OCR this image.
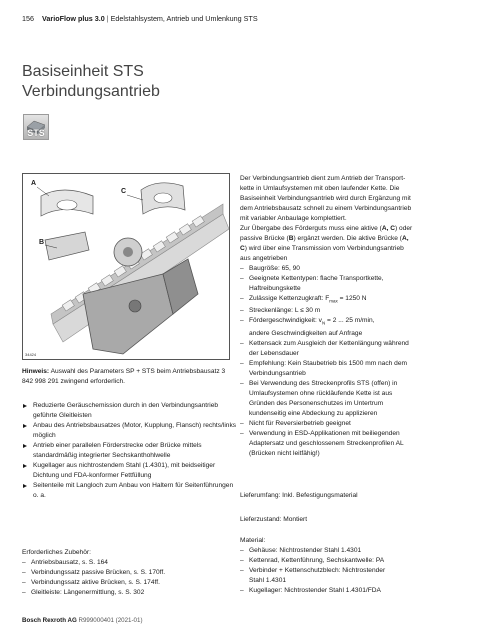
156 VarioFlow plus 3.0 | Edelstahlsystem, Antrieb und Umlenkung STS
Basiseinheit STS
Verbindungsantrieb
STS
A
B
C
34424

Hinweis: Auswahl des Parameters SP + STS beim Antriebsbausatz 3 842 998 291 zwingend erforderlich.

Reduzierte Geräuschemission durch in den Verbindungsantrieb geführte Gleitleisten
Anbau des Antriebsbausatzes (Motor, Kupplung, Flansch) rechts/links möglich
Antrieb einer parallelen Förderstrecke oder Brücke mittels standardmäßig integrierter Sechskanthohlwelle
Kugellager aus nichtrostendem Stahl (1.4301), mit beidseitiger Dichtung und FDA-konformer Fettfüllung
Seitenteile mit Langloch zum Anbau von Haltern für Seitenführungen o. a.

Erforderliches Zubehör:

– Antriebsbausatz, s. S. 164
– Verbindungssatz passive Brücken, s. S. 170ff.
– Verbindungssatz aktive Brücken, s. S. 174ff.
– Gleitleiste: Längenermittlung, s. S. 302

Der Verbindungsantrieb dient zum Antrieb der Transport-

kette in Umlaufsystemen mit oben laufender Kette. Die

Basiseinheit Verbindungsantrieb wird durch Ergänzung mit

dem Antriebsbausatz schnell zu einem Verbindungsantrieb

mit variabler Anbaulage komplettiert.

Zur Übergabe des Förderguts muss eine aktive (A, C) oder

passive Brücke (B) ergänzt werden. Die aktive Brücke (A,

C) wird über eine Transmission vom Verbindungsantrieb

aus angetrieben

– Baugröße: 65, 90
– Geeignete Kettentypen: flache Transportkette,
Haftreibungskette
– Zulässige Kettenzugkraft: $F_{max} = 1250$ N
– Streckenlänge: L ≤ 30 m
– Fördergeschwindigkeit: $v_N = 2$ ... 25 m/min,
andere Geschwindigkeiten auf Anfrage
– Kettensack zum Ausgleich der Kettenlängung während
der Lebensdauer
– Empfehlung: Kein Staubetrieb bis 1500 mm nach dem
Verbindungsantrieb
– Bei Verwendung des Streckenprofils STS (offen) in
Umlaufsystemen ohne rückläufende Kette ist aus
Gründen des Personenschutzes im Untertrum
kundenseitig eine Abdeckung zu applizieren
– Nicht für Reversierbetrieb geeignet
– Verwendung in ESD-Applikationen mit beiliegenden
Adaptersatz und geschlossenem Streckenprofilen AL
(Brücken nicht leitfähig!)
Lieferumfang: Inkl. Befestigungsmaterial
Lieferzustand: Montiert

Material:

– Gehäuse: Nichtrostender Stahl 1.4301
– Kettenrad, Kettenführung, Sechskantwelle: PA
– Verbinder + Kettenschutzblech: Nichtrostender
Stahl 1.4301
– Kugellager: Nichtrostender Stahl 1.4301/FDA
Bosch Rexroth AG R999000401 (2021-01)
